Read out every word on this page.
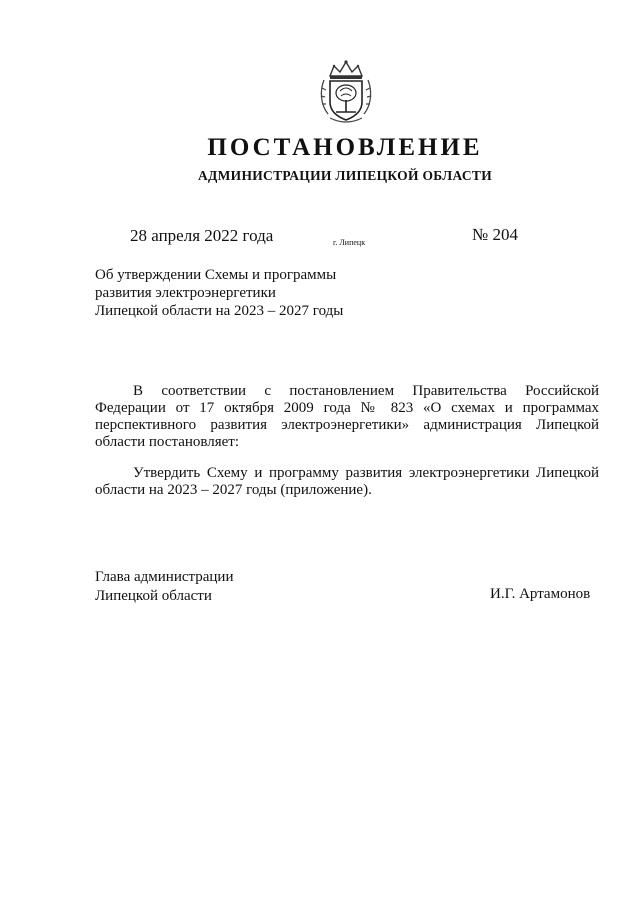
ПОСТАНОВЛЕНИЕ
АДМИНИСТРАЦИИ ЛИПЕЦКОЙ ОБЛАСТИ
28 апреля 2022 года	г. Липецк	№ 204
Об утверждении Схемы и программы
развития электроэнергетики
Липецкой области на 2023 – 2027 годы

В соответствии с постановлением Правительства Российской Федерации от 17 октября 2009 года № 823 «О схемах и программах перспективного развития электроэнергетики» администрация Липецкой области постановляет:

Утвердить Схему и программу развития электроэнергетики Липецкой области на 2023 – 2027 годы (приложение).

Глава администрации
Липецкой области	И.Г. Артамонов
